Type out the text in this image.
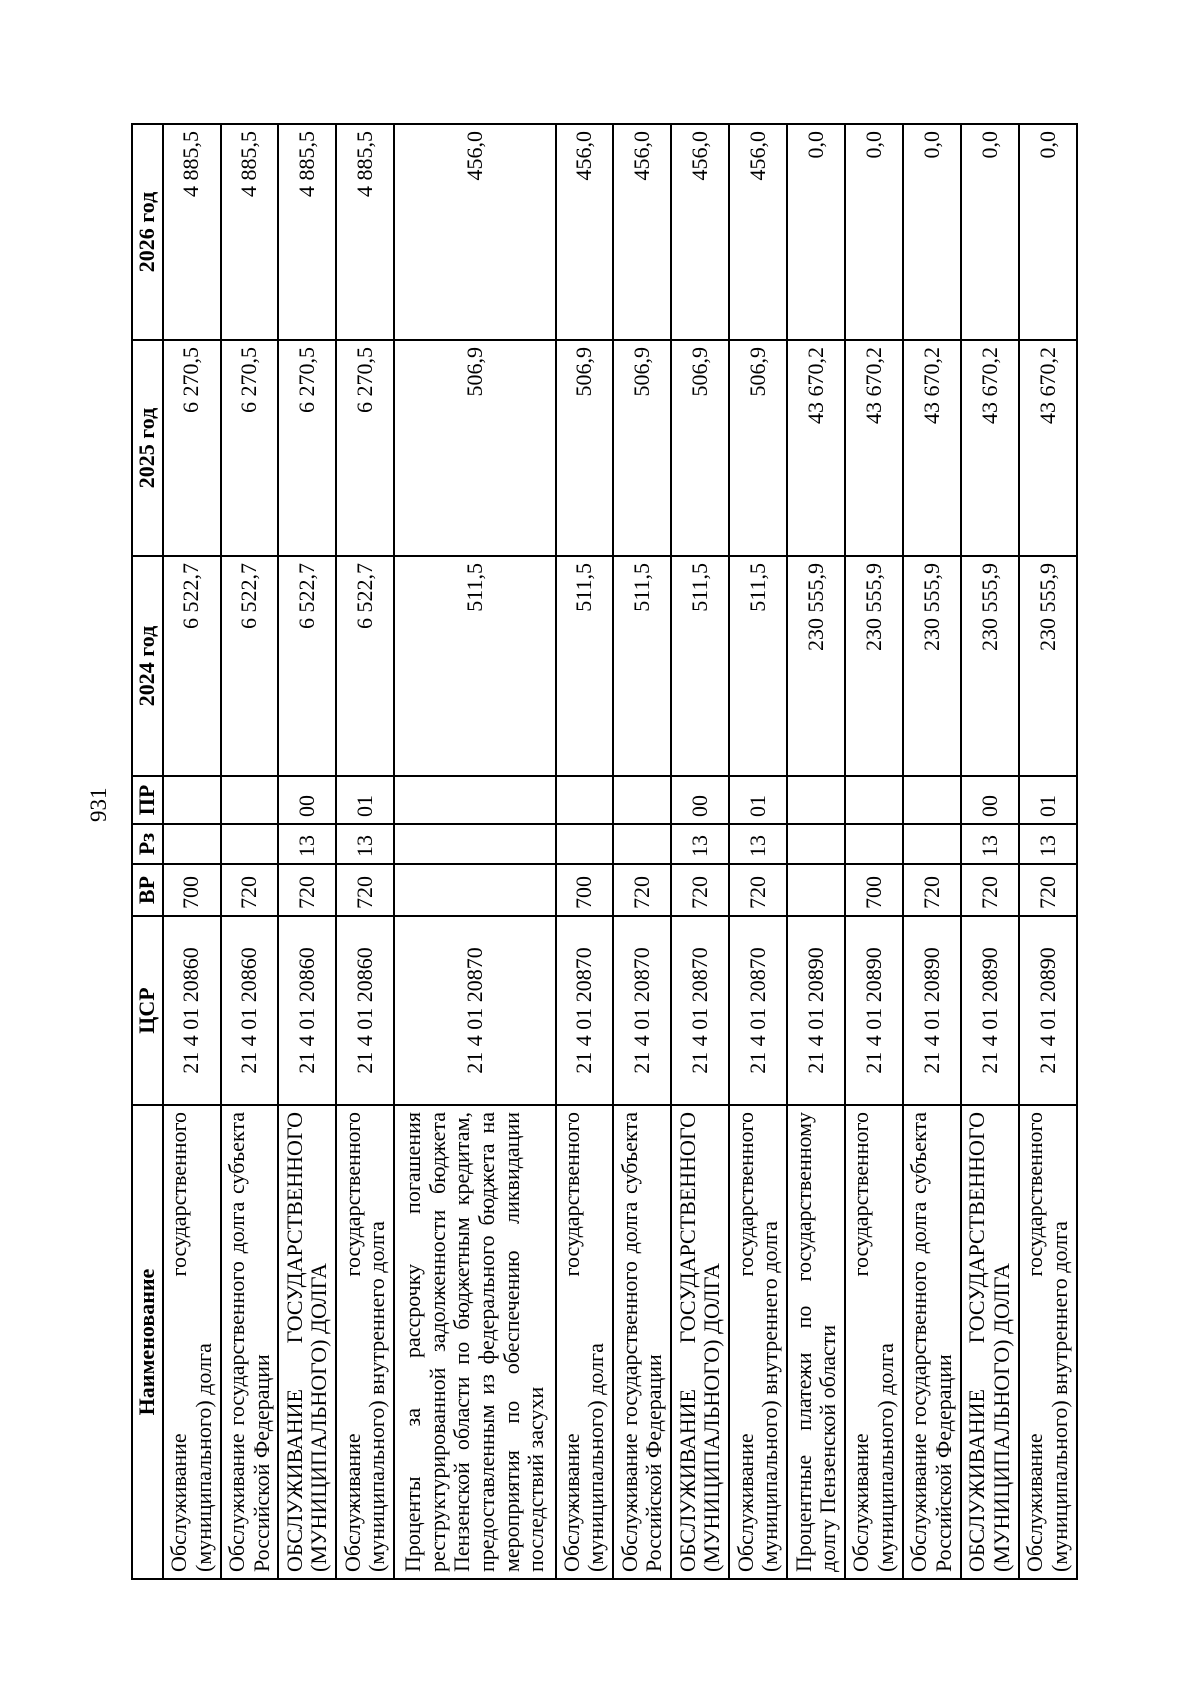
931
Наименование	ЦСР	ВР	Рз	ПР	2024 год	2025 год	2026 год
Обслуживание государственного (муниципального) долга	21 4 01 20860	700			6 522,7	6 270,5	4 885,5
Обслуживание государственного долга субъекта Российской Федерации	21 4 01 20860	720			6 522,7	6 270,5	4 885,5
ОБСЛУЖИВАНИЕ ГОСУДАРСТВЕННОГО (МУНИЦИПАЛЬНОГО) ДОЛГА	21 4 01 20860	720	13	00	6 522,7	6 270,5	4 885,5
Обслуживание государственного (муниципального) внутреннего долга	21 4 01 20860	720	13	01	6 522,7	6 270,5	4 885,5
Проценты за рассрочку погашения реструктурированной задолженности бюджета Пензенской области по бюджетным кредитам, предоставленным из федерального бюджета на мероприятия по обеспечению ликвидации последствий засухи	21 4 01 20870				511,5	506,9	456,0
Обслуживание государственного (муниципального) долга	21 4 01 20870	700			511,5	506,9	456,0
Обслуживание государственного долга субъекта Российской Федерации	21 4 01 20870	720			511,5	506,9	456,0
ОБСЛУЖИВАНИЕ ГОСУДАРСТВЕННОГО (МУНИЦИПАЛЬНОГО) ДОЛГА	21 4 01 20870	720	13	00	511,5	506,9	456,0
Обслуживание государственного (муниципального) внутреннего долга	21 4 01 20870	720	13	01	511,5	506,9	456,0
Процентные платежи по государственному долгу Пензенской области	21 4 01 20890				230 555,9	43 670,2	0,0
Обслуживание государственного (муниципального) долга	21 4 01 20890	700			230 555,9	43 670,2	0,0
Обслуживание государственного долга субъекта Российской Федерации	21 4 01 20890	720			230 555,9	43 670,2	0,0
ОБСЛУЖИВАНИЕ ГОСУДАРСТВЕННОГО (МУНИЦИПАЛЬНОГО) ДОЛГА	21 4 01 20890	720	13	00	230 555,9	43 670,2	0,0
Обслуживание государственного (муниципального) внутреннего долга	21 4 01 20890	720	13	01	230 555,9	43 670,2	0,0
